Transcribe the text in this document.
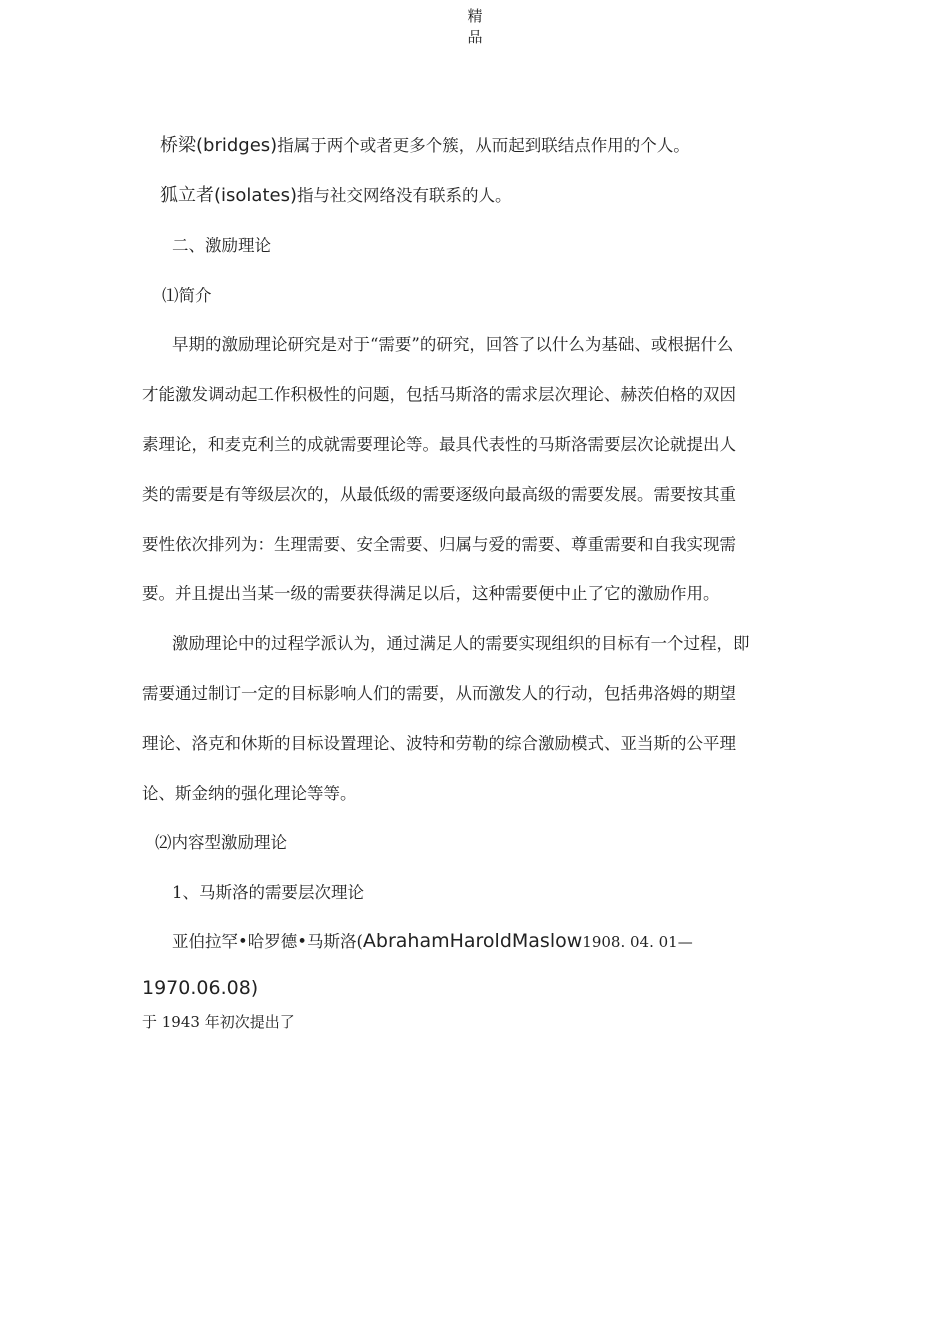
精
品
桥梁(bridges)指属于两个或者更多个簇，从而起到联结点作用的个人。
狐立者(isolates)指与社交网络没有联系的人。
二、激励理论
⑴简介
早期的激励理论研究是对于“需要”的研究，回答了以什么为基础、或根据什么
才能激发调动起工作积极性的问题，包括马斯洛的需求层次理论、赫茨伯格的双因
素理论，和麦克利兰的成就需要理论等。最具代表性的马斯洛需要层次论就提出人
类的需要是有等级层次的，从最低级的需要逐级向最高级的需要发展。需要按其重
要性依次排列为：生理需要、安全需要、归属与爱的需要、尊重需要和自我实现需
要。并且提出当某一级的需要获得满足以后，这种需要便中止了它的激励作用。
激励理论中的过程学派认为，通过满足人的需要实现组织的目标有一个过程，即
需要通过制订一定的目标影响人们的需要，从而激发人的行动，包括弗洛姆的期望
理论、洛克和休斯的目标设置理论、波特和劳勒的综合激励模式、亚当斯的公平理
论、斯金纳的强化理论等等。
⑵内容型激励理论
1、马斯洛的需要层次理论
亚伯拉罕•哈罗德•马斯洛(AbrahamHaroldMaslow1908. 04. 01—
1970.06.08)
于 1943 年初次提出了
